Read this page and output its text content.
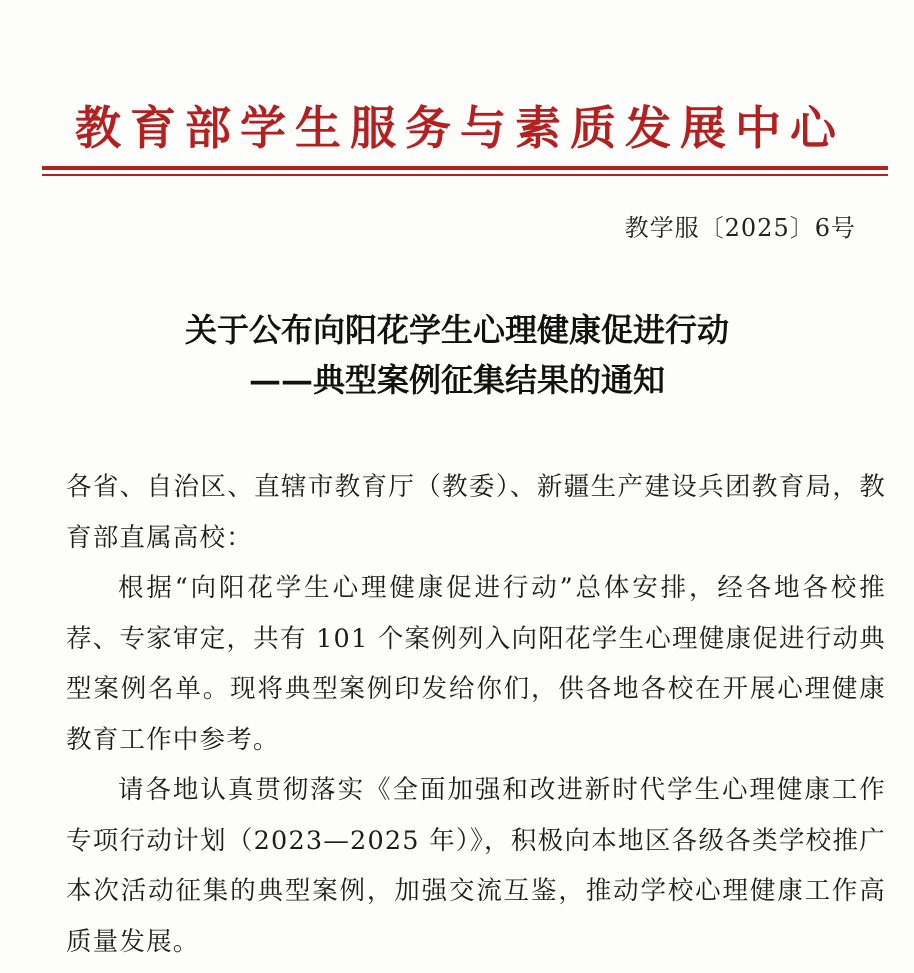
教育部学生服务与素质发展中心
教学服〔2025〕6号
关于公布向阳花学生心理健康促进行动
——典型案例征集结果的通知

各省、自治区、直辖市教育厅（教委）、新疆生产建设兵团教育局，教育部直属高校：

根据“向阳花学生心理健康促进行动”总体安排，经各地各校推荐、专家审定，共有 101 个案例列入向阳花学生心理健康促进行动典型案例名单。现将典型案例印发给你们，供各地各校在开展心理健康教育工作中参考。

请各地认真贯彻落实《全面加强和改进新时代学生心理健康工作专项行动计划（2023—2025 年）》，积极向本地区各级各类学校推广本次活动征集的典型案例，加强交流互鉴，推动学校心理健康工作高质量发展。
